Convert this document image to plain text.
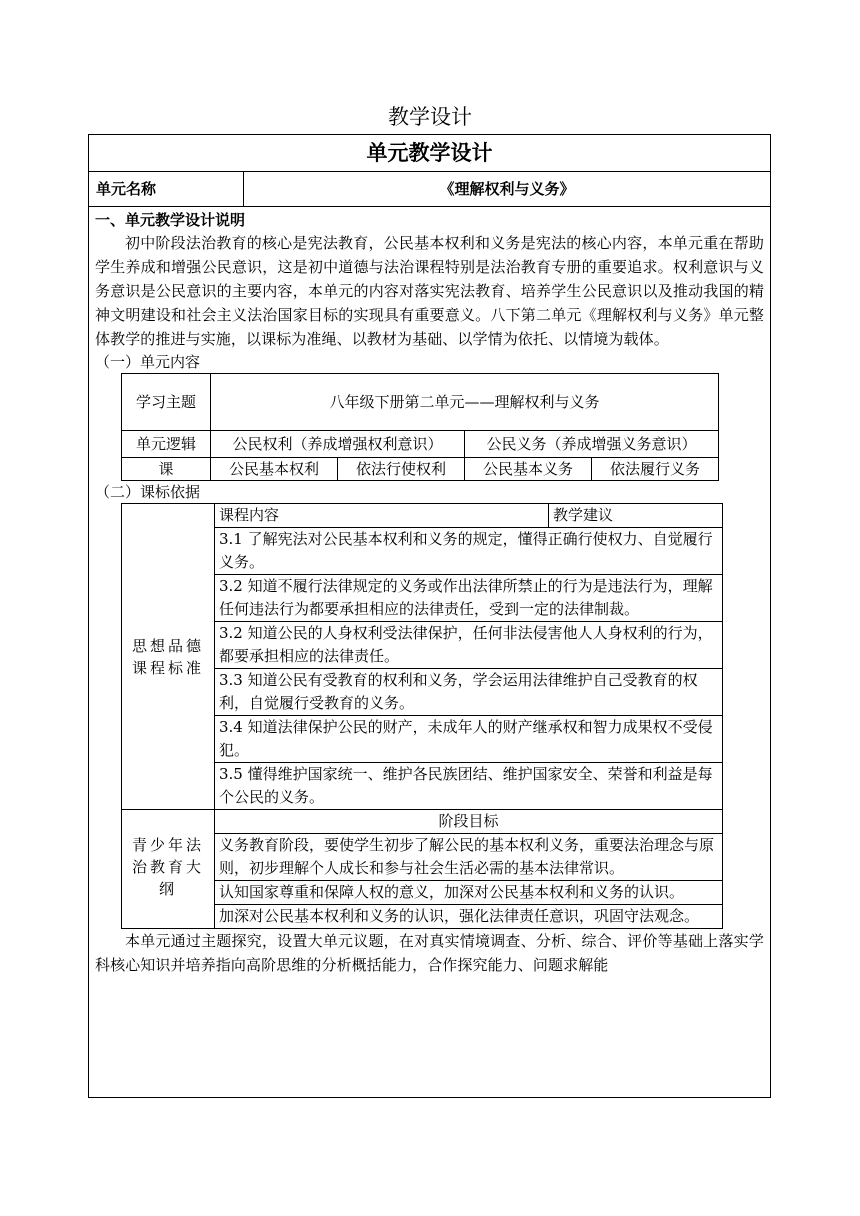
教学设计
单元教学设计
单元名称	《理解权利与义务》
一、单元教学设计说明

初中阶段法治教育的核心是宪法教育，公民基本权利和义务是宪法的核心内容，本单元重在帮助学生养成和增强公民意识，这是初中道德与法治课程特别是法治教育专册的重要追求。权利意识与义务意识是公民意识的主要内容，本单元的内容对落实宪法教育、培养学生公民意识以及推动我国的精神文明建设和社会主义法治国家目标的实现具有重要意义。八下第二单元《理解权利与义务》单元整体教学的推进与实施，以课标为准绳、以教材为基础、以学情为依托、以情境为载体。

（一）单元内容

学习主题	八年级下册第二单元——理解权利与义务			
单元逻辑	公民权利（养成增强权利意识）		公民义务（养成增强义务意识）	
课	公民基本权利	依法行使权利	公民基本义务	依法履行义务

（二）课标依据

思想品德课程标准	课程内容	教学建议
	3.1 了解宪法对公民基本权利和义务的规定，懂得正确行使权力、自觉履行义务。	
	3.2 知道不履行法律规定的义务或作出法律所禁止的行为是违法行为，理解任何违法行为都要承担相应的法律责任，受到一定的法律制裁。	
	3.2 知道公民的人身权利受法律保护，任何非法侵害他人人身权利的行为，都要承担相应的法律责任。	
	3.3 知道公民有受教育的权利和义务，学会运用法律维护自己受教育的权利，自觉履行受教育的义务。	
	3.4 知道法律保护公民的财产，未成年人的财产继承权和智力成果权不受侵犯。	
	3.5 懂得维护国家统一、维护各民族团结、维护国家安全、荣誉和利益是每个公民的义务。	
青少年法治教育大纲	阶段目标	
	义务教育阶段，要使学生初步了解公民的基本权利义务，重要法治理念与原则，初步理解个人成长和参与社会生活必需的基本法律常识。	
	认知国家尊重和保障人权的意义，加深对公民基本权利和义务的认识。	
	加深对公民基本权利和义务的认识，强化法律责任意识，巩固守法观念。	

本单元通过主题探究，设置大单元议题，在对真实情境调查、分析、综合、评价等基础上落实学科核心知识并培养指向高阶思维的分析概括能力，合作探究能力、问题求解能
